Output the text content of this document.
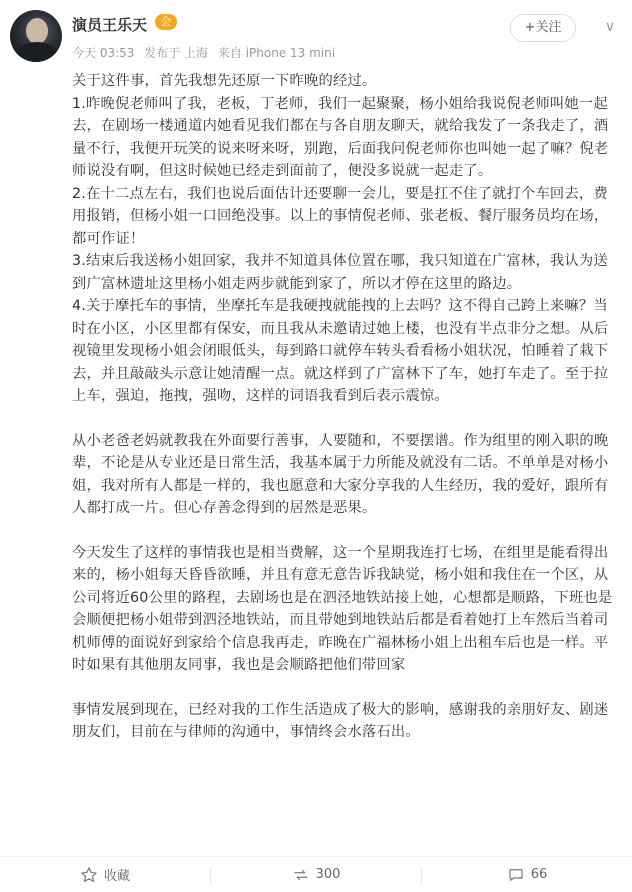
演员王乐天	会
今天 03:53 发布于 上海 来自 iPhone 13 mini
+关注	∨

关于这件事，首先我想先还原一下昨晚的经过。

1.昨晚倪老师叫了我，老板，丁老师，我们一起聚聚，杨小姐给我说倪老师叫她一起去，在剧场一楼通道内她看见我们都在与各自朋友聊天，就给我发了一条我走了，酒量不行，我便开玩笑的说来呀来呀，别跑，后面我问倪老师你也叫她一起了嘛？倪老师说没有啊，但这时候她已经走到面前了，便没多说就一起走了。

2.在十二点左右，我们也说后面估计还要聊一会儿，要是扛不住了就打个车回去，费用报销，但杨小姐一口回绝没事。以上的事情倪老师、张老板、餐厅服务员均在场，都可作证！

3.结束后我送杨小姐回家，我并不知道具体位置在哪，我只知道在广富林，我认为送到广富林遗址这里杨小姐走两步就能到家了，所以才停在这里的路边。

4.关于摩托车的事情，坐摩托车是我硬拽就能拽的上去吗？这不得自己跨上来嘛？当时在小区，小区里都有保安，而且我从未邀请过她上楼，也没有半点非分之想。从后视镜里发现杨小姐会闭眼低头，每到路口就停车转头看看杨小姐状况，怕睡着了栽下去，并且敲敲头示意让她清醒一点。就这样到了广富林下了车，她打车走了。至于拉上车，强迫，拖拽，强吻，这样的词语我看到后表示震惊。

从小老爸老妈就教我在外面要行善事，人要随和，不要摆谱。作为组里的刚入职的晚辈，不论是从专业还是日常生活，我基本属于力所能及就没有二话。不单单是对杨小姐，我对所有人都是一样的，我也愿意和大家分享我的人生经历，我的爱好，跟所有人都打成一片。但心存善念得到的居然是恶果。

今天发生了这样的事情我也是相当费解，这一个星期我连打七场，在组里是能看得出来的，杨小姐每天昏昏欲睡，并且有意无意告诉我缺觉，杨小姐和我住在一个区，从公司将近60公里的路程，去剧场也是在泗泾地铁站接上她，心想都是顺路，下班也是会顺便把杨小姐带到泗泾地铁站，而且带她到地铁站后都是看着她打上车然后当着司机师傅的面说好到家给个信息我再走，昨晚在广福林杨小姐上出租车后也是一样。平时如果有其他朋友同事，我也是会顺路把他们带回家

事情发展到现在，已经对我的工作生活造成了极大的影响，感谢我的亲朋好友、剧迷朋友们，目前在与律师的沟通中，事情终会水落石出。

收藏	300	66
